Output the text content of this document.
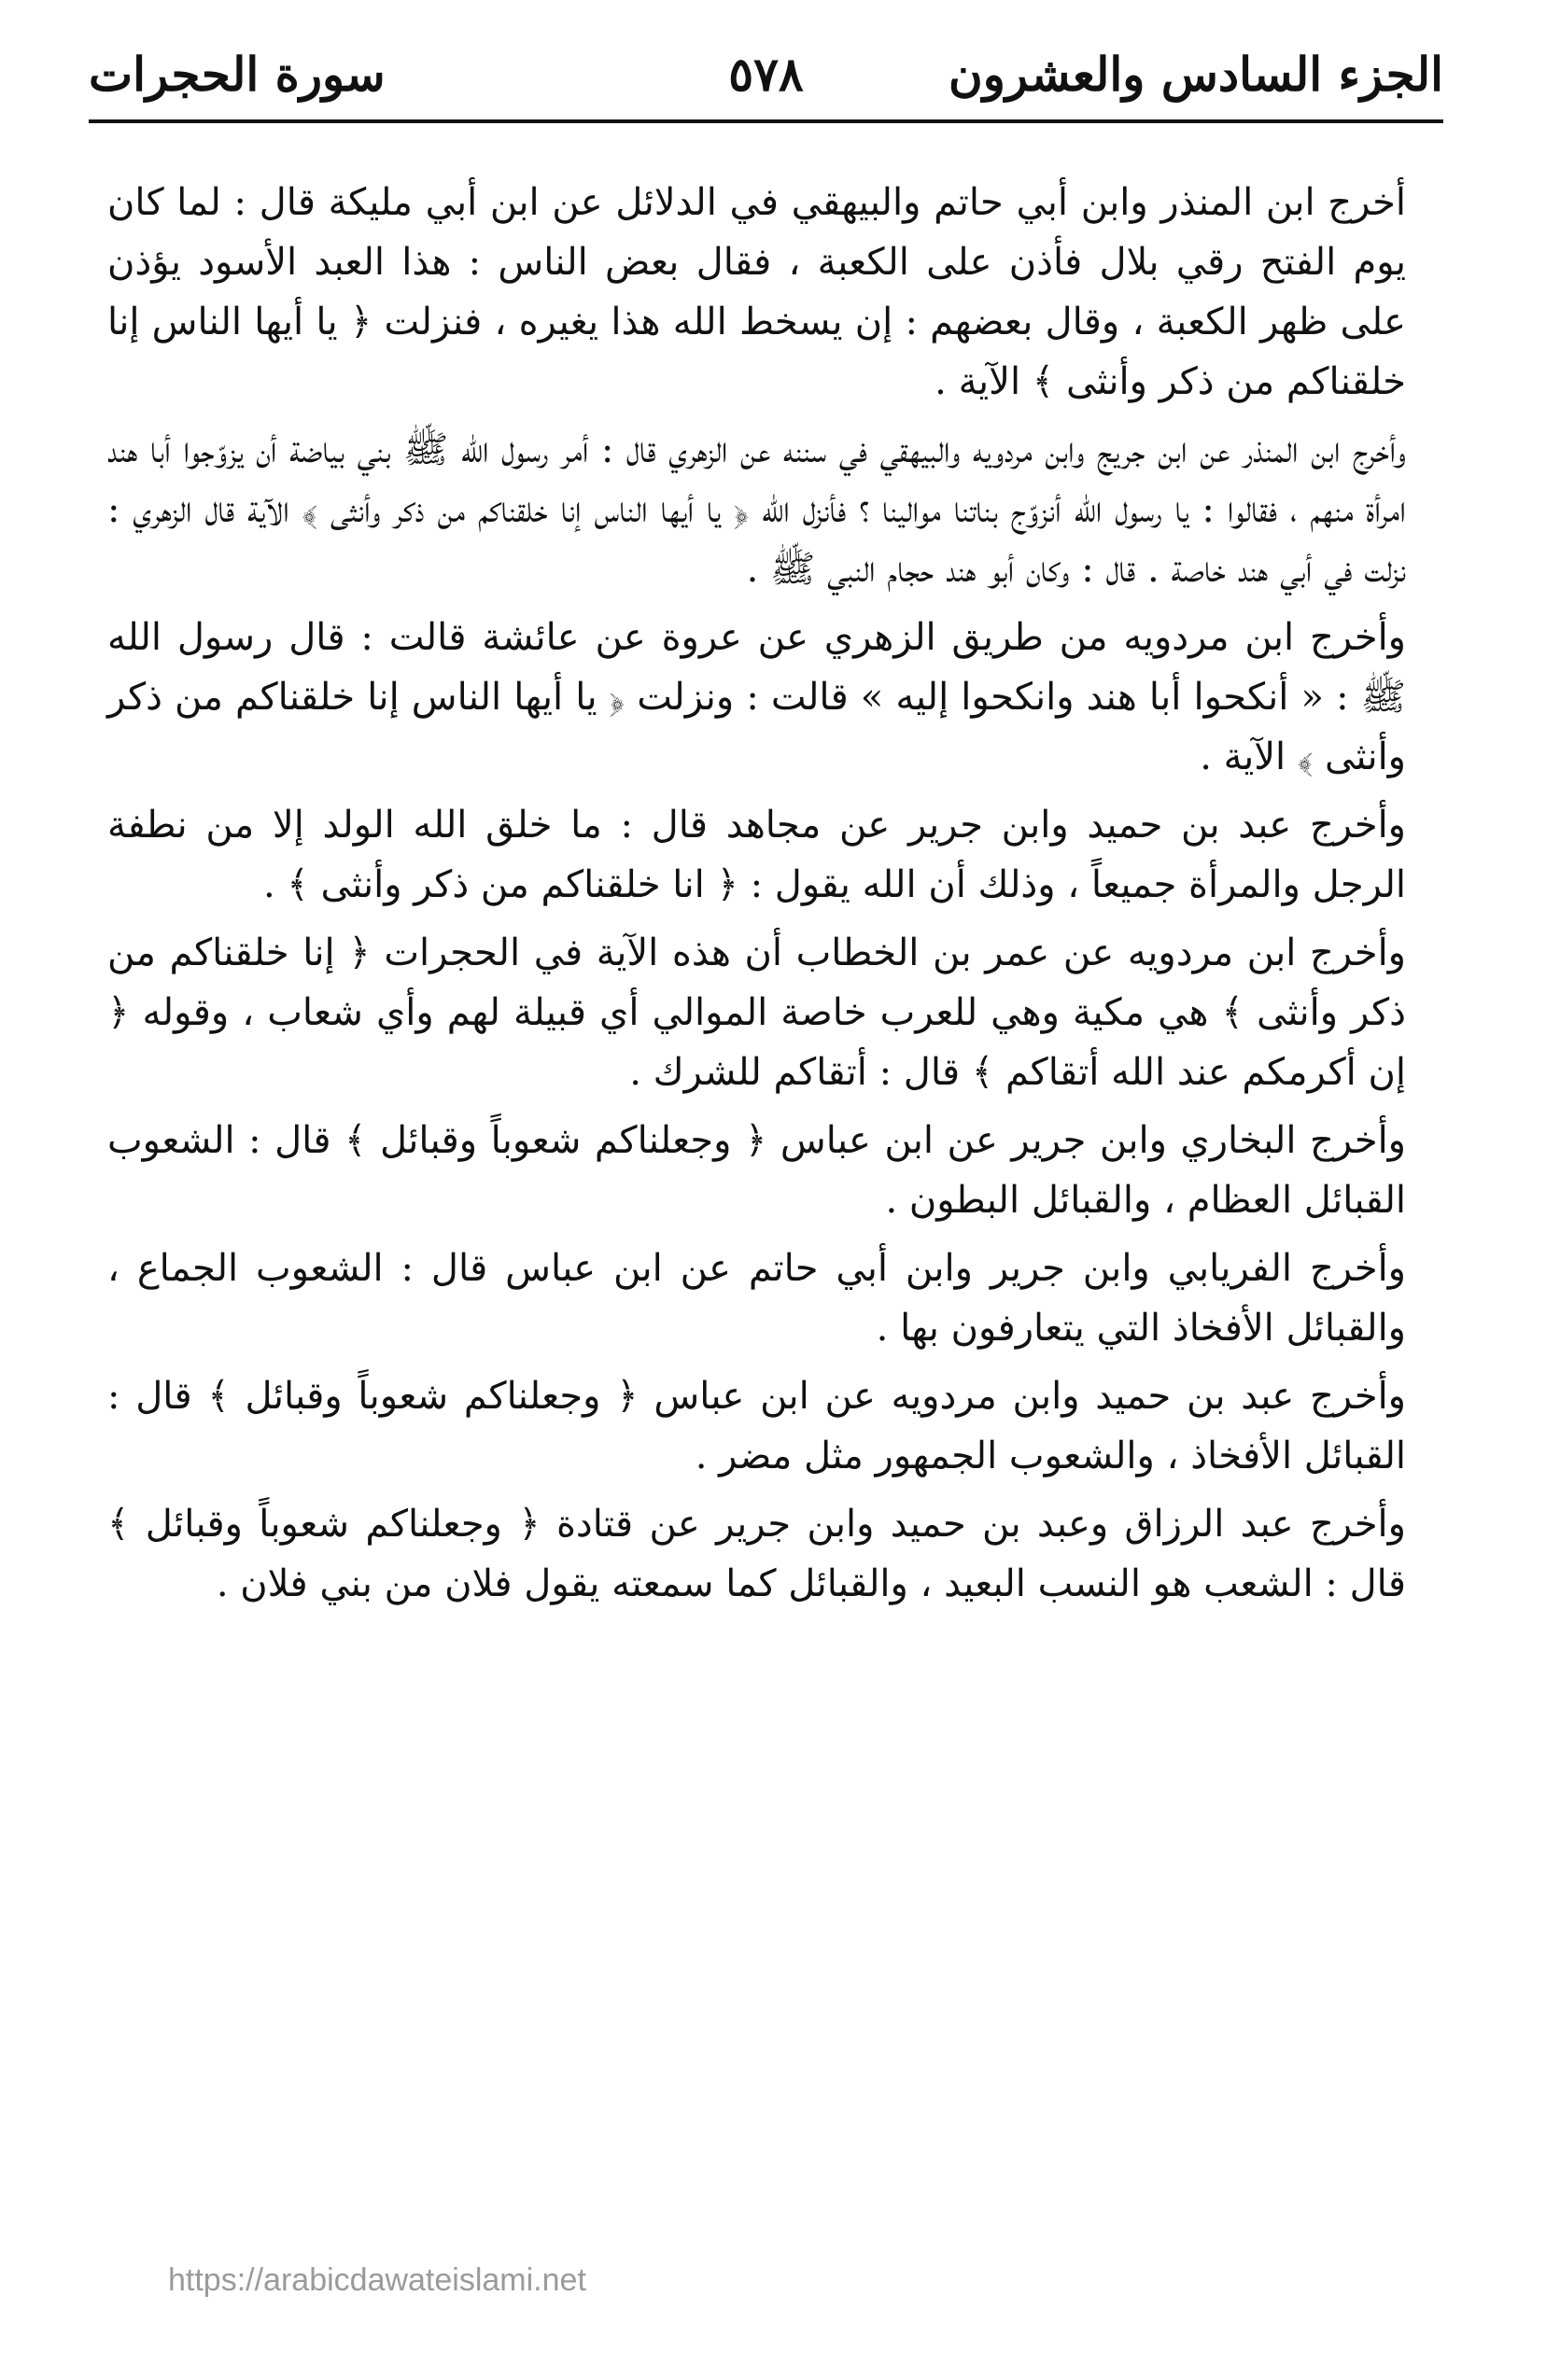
الجزء السادس والعشرون
٥٧٨
سورة الحجرات

أخرج ابن المنذر وابن أبي حاتم والبيهقي في الدلائل عن ابن أبي مليكة قال : لما كان يوم الفتح رقي بلال فأذن على الكعبة ، فقال بعض الناس : هذا العبد الأسود يؤذن على ظهر الكعبة ، وقال بعضهم : إن يسخط الله هذا يغيره ، فنزلت ﴿ يا أيها الناس إنا خلقناكم من ذكر وأنثى ﴾ الآية .

وأخرج ابن المنذر عن ابن جريج وابن مردويه والبيهقي في سننه عن الزهري قال : أمر رسول الله ﷺ بني بياضة أن يزوّجوا أبا هند امرأة منهم ، فقالوا : يا رسول الله أنزوّج بناتنا موالينا ؟ فأنزل الله ﴿ يا أيها الناس إنا خلقناكم من ذكر وأنثى ﴾ الآية قال الزهري : نزلت في أبي هند خاصة . قال : وكان أبو هند حجام النبي ﷺ .

وأخرج ابن مردويه من طريق الزهري عن عروة عن عائشة قالت : قال رسول الله ﷺ : « أنكحوا أبا هند وانكحوا إليه » قالت : ونزلت ﴿ يا أيها الناس إنا خلقناكم من ذكر وأنثى ﴾ الآية .

وأخرج عبد بن حميد وابن جرير عن مجاهد قال : ما خلق الله الولد إلا من نطفة الرجل والمرأة جميعاً ، وذلك أن الله يقول : ﴿ انا خلقناكم من ذكر وأنثى ﴾ .

وأخرج ابن مردويه عن عمر بن الخطاب أن هذه الآية في الحجرات ﴿ إنا خلقناكم من ذكر وأنثى ﴾ هي مكية وهي للعرب خاصة الموالي أي قبيلة لهم وأي شعاب ، وقوله ﴿ إن أكرمكم عند الله أتقاكم ﴾ قال : أتقاكم للشرك .

وأخرج البخاري وابن جرير عن ابن عباس ﴿ وجعلناكم شعوباً وقبائل ﴾ قال : الشعوب القبائل العظام ، والقبائل البطون .

وأخرج الفريابي وابن جرير وابن أبي حاتم عن ابن عباس قال : الشعوب الجماع ، والقبائل الأفخاذ التي يتعارفون بها .

وأخرج عبد بن حميد وابن مردويه عن ابن عباس ﴿ وجعلناكم شعوباً وقبائل ﴾ قال : القبائل الأفخاذ ، والشعوب الجمهور مثل مضر .

وأخرج عبد الرزاق وعبد بن حميد وابن جرير عن قتادة ﴿ وجعلناكم شعوباً وقبائل ﴾ قال : الشعب هو النسب البعيد ، والقبائل كما سمعته يقول فلان من بني فلان .

https://arabicdawateislami.net
